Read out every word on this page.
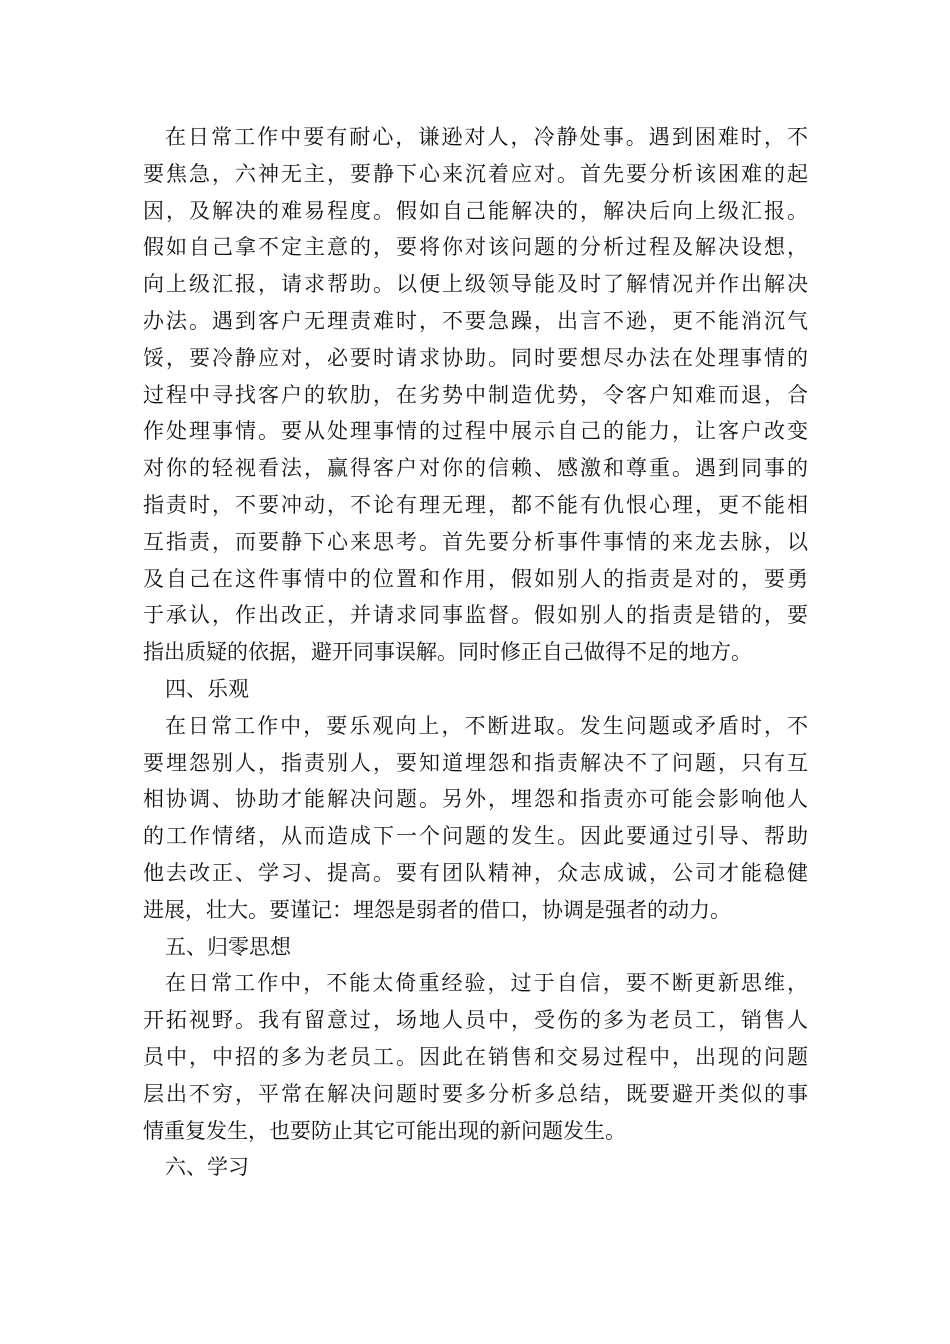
在日常工作中要有耐心，谦逊对人，冷静处事。遇到困难时，不
要焦急，六神无主，要静下心来沉着应对。首先要分析该困难的起
因，及解决的难易程度。假如自己能解决的，解决后向上级汇报。
假如自己拿不定主意的，要将你对该问题的分析过程及解决设想，
向上级汇报，请求帮助。以便上级领导能及时了解情况并作出解决
办法。遇到客户无理责难时，不要急躁，出言不逊，更不能消沉气
馁，要冷静应对，必要时请求协助。同时要想尽办法在处理事情的
过程中寻找客户的软肋，在劣势中制造优势，令客户知难而退，合
作处理事情。要从处理事情的过程中展示自己的能力，让客户改变
对你的轻视看法，赢得客户对你的信赖、感激和尊重。遇到同事的
指责时，不要冲动，不论有理无理，都不能有仇恨心理，更不能相
互指责，而要静下心来思考。首先要分析事件事情的来龙去脉，以
及自己在这件事情中的位置和作用，假如别人的指责是对的，要勇
于承认，作出改正，并请求同事监督。假如别人的指责是错的，要
指出质疑的依据，避开同事误解。同时修正自己做得不足的地方。
四、乐观
在日常工作中，要乐观向上，不断进取。发生问题或矛盾时，不
要埋怨别人，指责别人，要知道埋怨和指责解决不了问题，只有互
相协调、协助才能解决问题。另外，埋怨和指责亦可能会影响他人
的工作情绪，从而造成下一个问题的发生。因此要通过引导、帮助
他去改正、学习、提高。要有团队精神，众志成诚，公司才能稳健
进展，壮大。要谨记：埋怨是弱者的借口，协调是强者的动力。
五、归零思想
在日常工作中，不能太倚重经验，过于自信，要不断更新思维，
开拓视野。我有留意过，场地人员中，受伤的多为老员工，销售人
员中，中招的多为老员工。因此在销售和交易过程中，出现的问题
层出不穷，平常在解决问题时要多分析多总结，既要避开类似的事
情重复发生，也要防止其它可能出现的新问题发生。
六、学习
